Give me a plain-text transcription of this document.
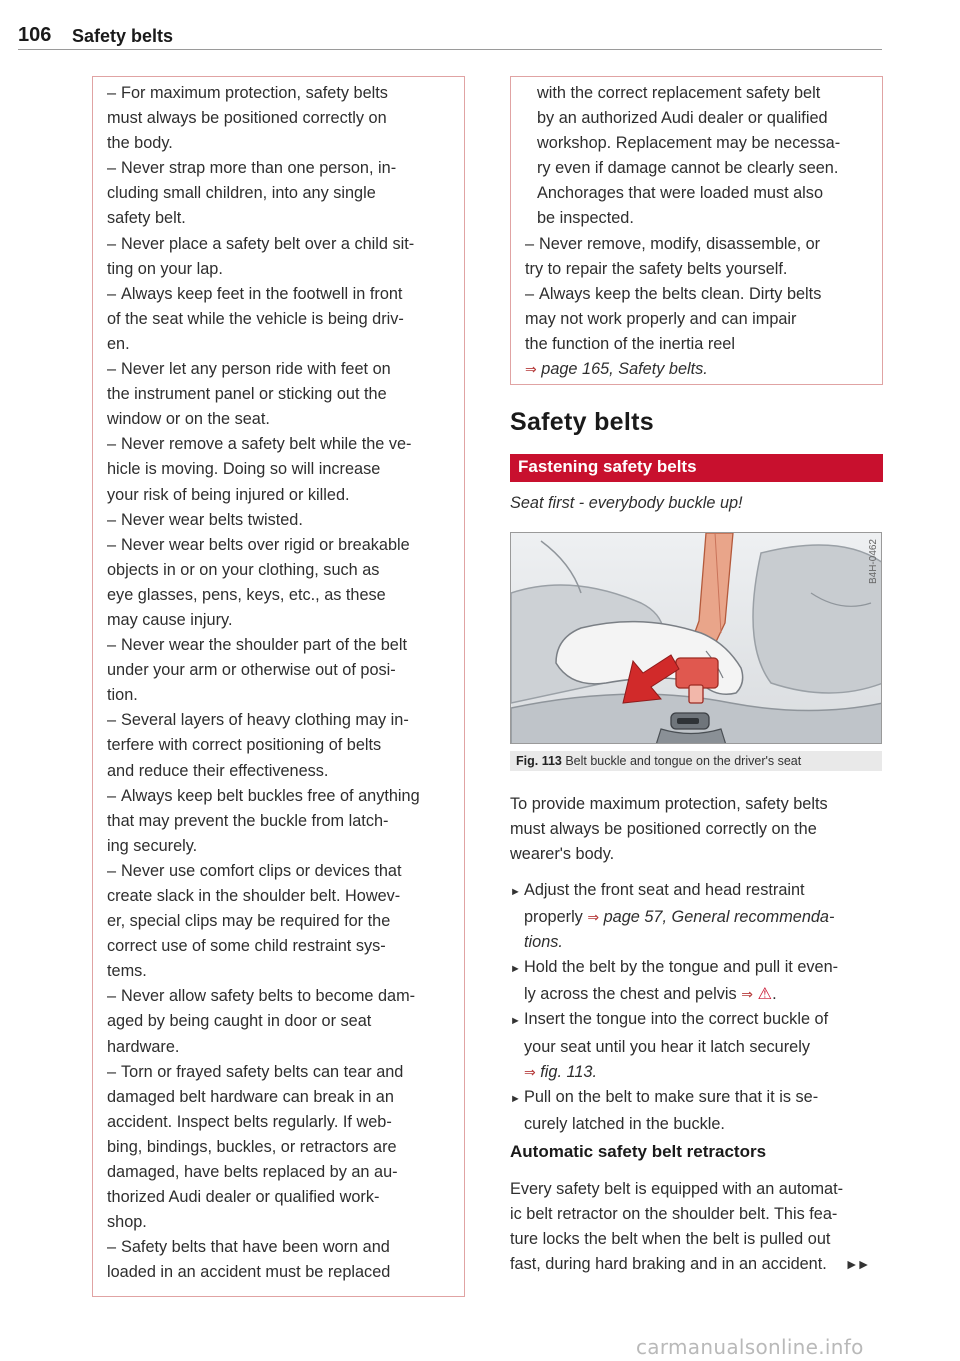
106 Safety belts
– For maximum protection, safety belts
must always be positioned correctly on
the body.
– Never strap more than one person, in-
cluding small children, into any single
safety belt.
– Never place a safety belt over a child sit-
ting on your lap.
– Always keep feet in the footwell in front
of the seat while the vehicle is being driv-
en.
– Never let any person ride with feet on
the instrument panel or sticking out the
window or on the seat.
– Never remove a safety belt while the ve-
hicle is moving. Doing so will increase
your risk of being injured or killed.
– Never wear belts twisted.
– Never wear belts over rigid or breakable
objects in or on your clothing, such as
eye glasses, pens, keys, etc., as these
may cause injury.
– Never wear the shoulder part of the belt
under your arm or otherwise out of posi-
tion.
– Several layers of heavy clothing may in-
terfere with correct positioning of belts
and reduce their effectiveness.
– Always keep belt buckles free of anything
that may prevent the buckle from latch-
ing securely.
– Never use comfort clips or devices that
create slack in the shoulder belt. Howev-
er, special clips may be required for the
correct use of some child restraint sys-
tems.
– Never allow safety belts to become dam-
aged by being caught in door or seat
hardware.
– Torn or frayed safety belts can tear and
damaged belt hardware can break in an
accident. Inspect belts regularly. If web-
bing, bindings, buckles, or retractors are
damaged, have belts replaced by an au-
thorized Audi dealer or qualified work-
shop.
– Safety belts that have been worn and
loaded in an accident must be replaced
with the correct replacement safety belt
by an authorized Audi dealer or qualified
workshop. Replacement may be necessa-
ry even if damage cannot be clearly seen.
Anchorages that were loaded must also
be inspected.
– Never remove, modify, disassemble, or
try to repair the safety belts yourself.
– Always keep the belts clean. Dirty belts
may not work properly and can impair
the function of the inertia reel
⇒ page 165, Safety belts.
Safety belts
Fastening safety belts
Seat first - everybody buckle up!
B4H-0462
Fig. 113 Belt buckle and tongue on the driver's seat
To provide maximum protection, safety belts
must always be positioned correctly on the
wearer's body.
► Adjust the front seat and head restraint
properly ⇒ page 57, General recommenda-
tions.
► Hold the belt by the tongue and pull it even-
ly across the chest and pelvis ⇒ ⚠.
► Insert the tongue into the correct buckle of
your seat until you hear it latch securely
⇒ fig. 113.
► Pull on the belt to make sure that it is se-
curely latched in the buckle.
Automatic safety belt retractors
Every safety belt is equipped with an automat-
ic belt retractor on the shoulder belt. This fea-
ture locks the belt when the belt is pulled out
fast, during hard braking and in an accident. ►►
carmanualsonline.info
